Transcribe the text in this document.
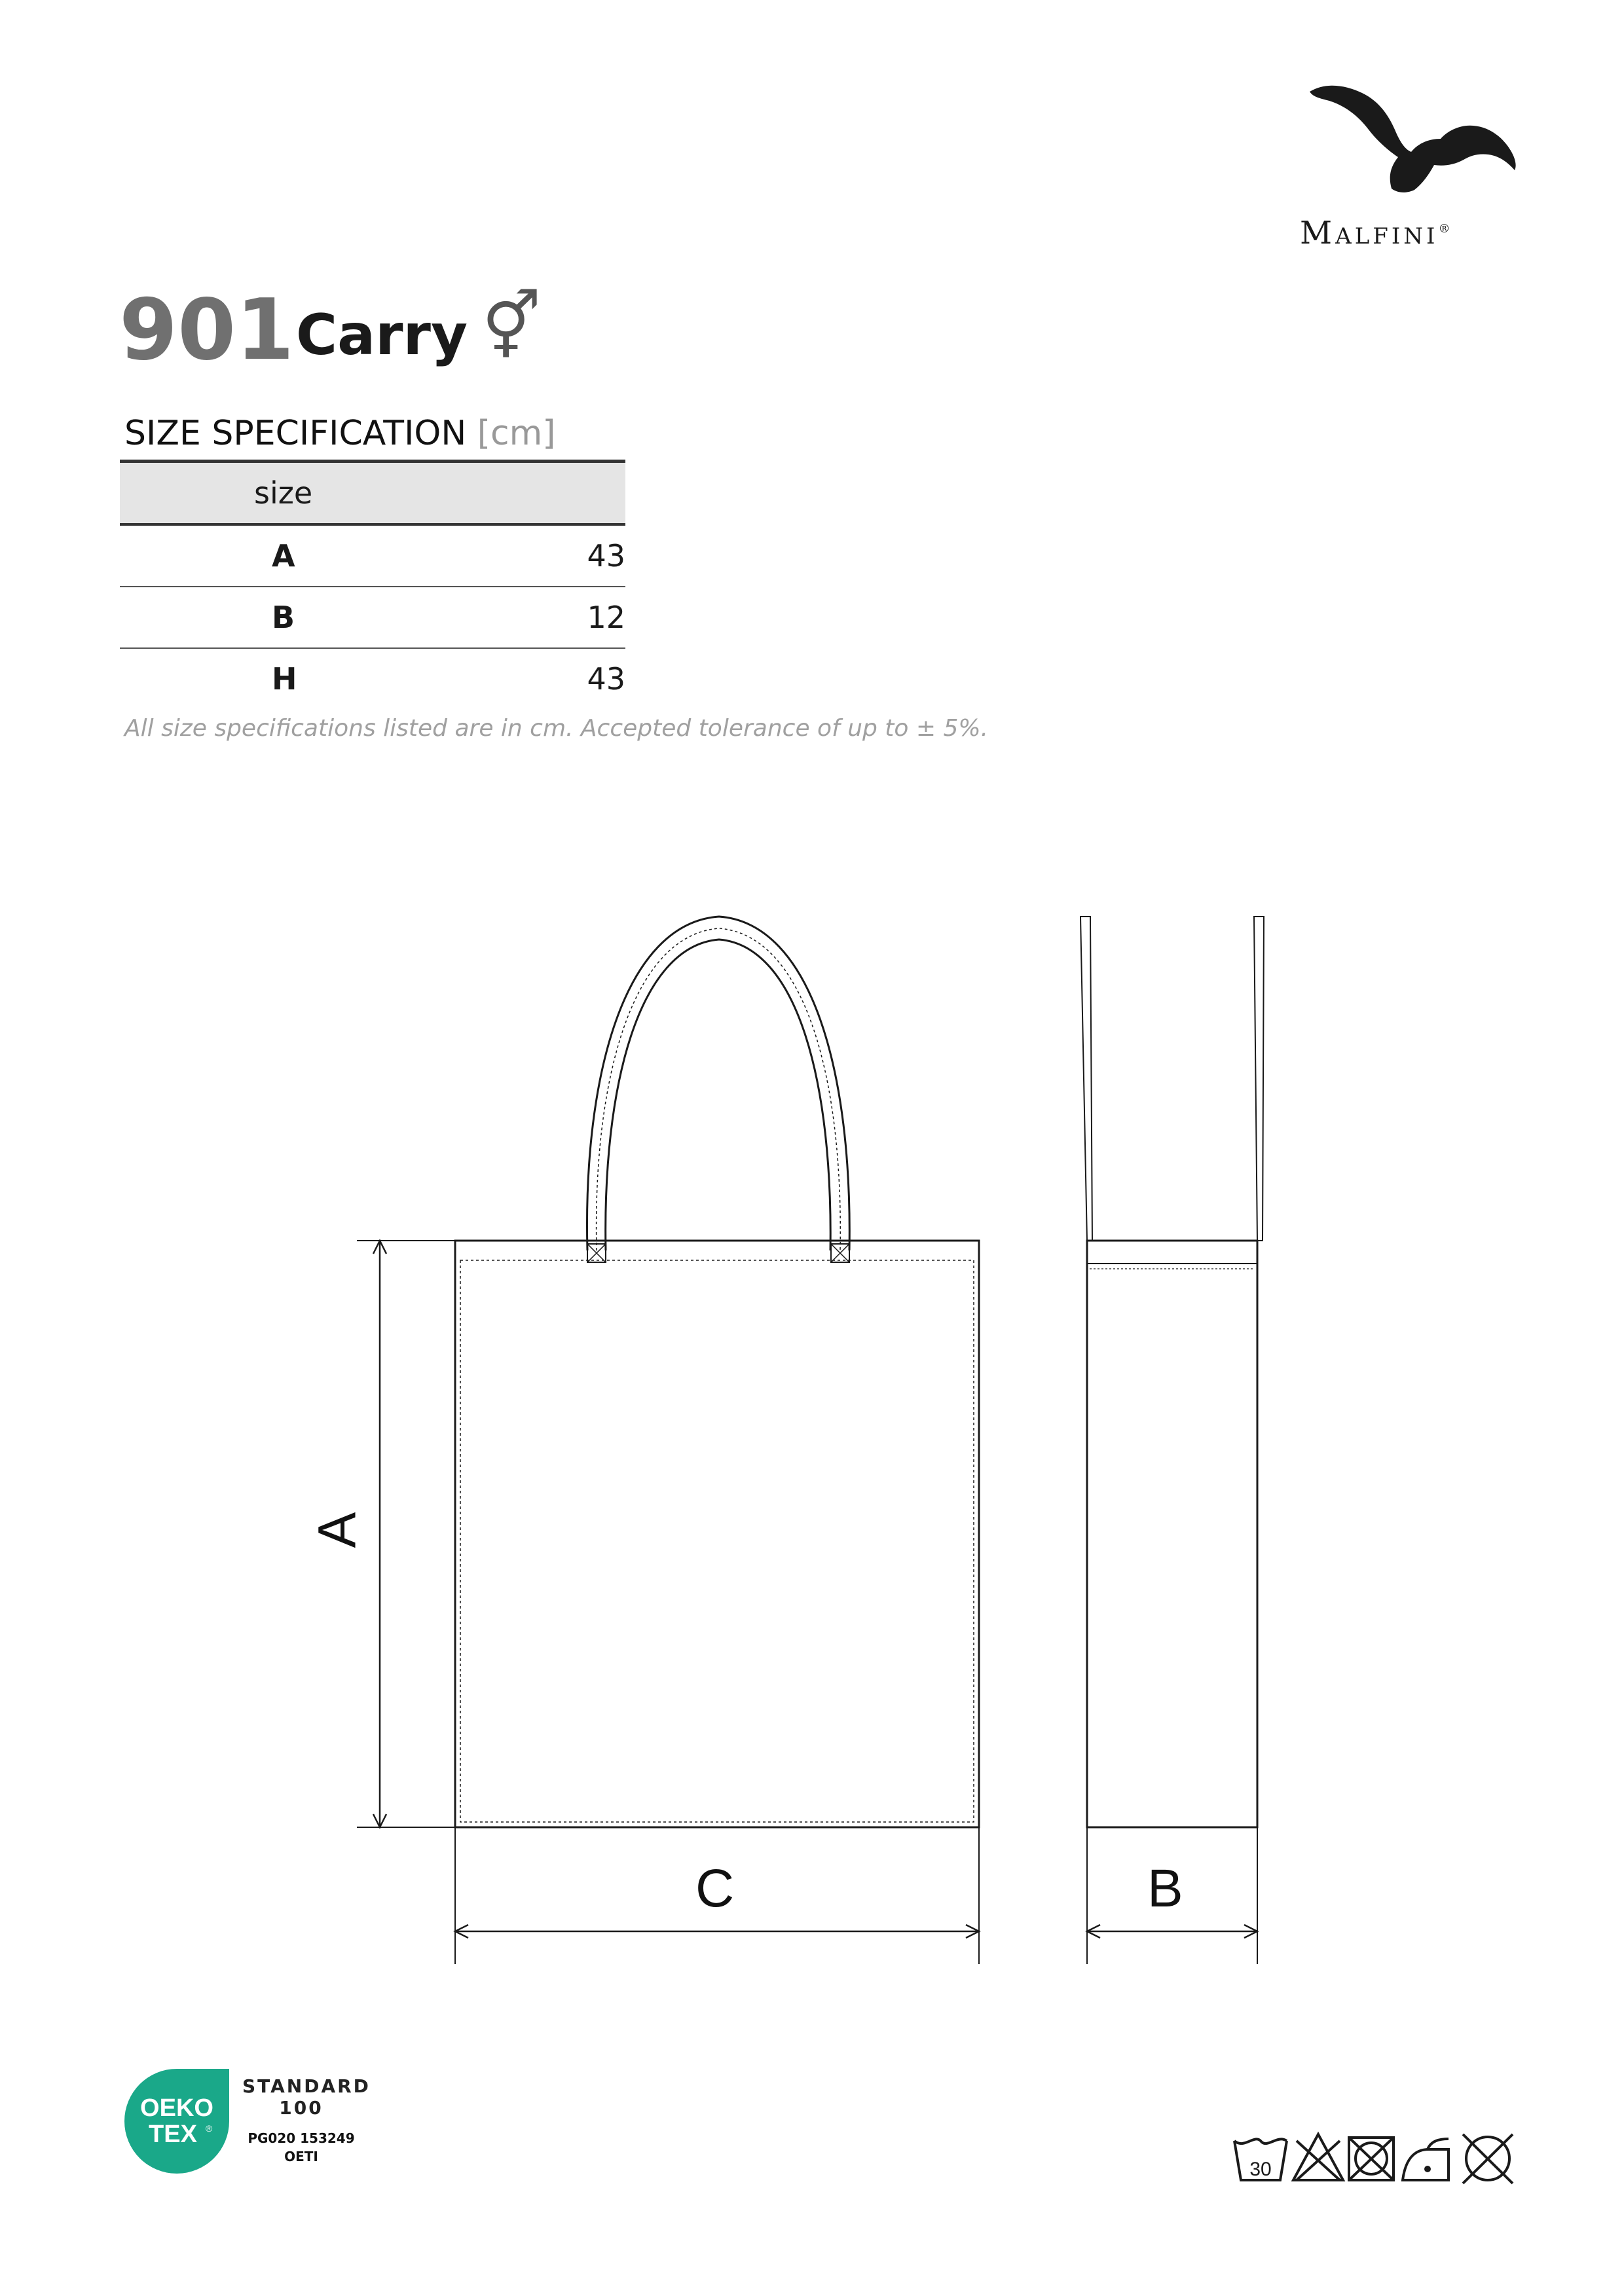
Malfini®
901 Carry ⚥
SIZE SPECIFICATION [cm]
size	
A	43
B	12
H	43
All size specifications listed are in cm. Accepted tolerance of up to ± 5%.
A
C	B
OEKO
TEX ®
STANDARD
100
PG020 153249
OETI
30
